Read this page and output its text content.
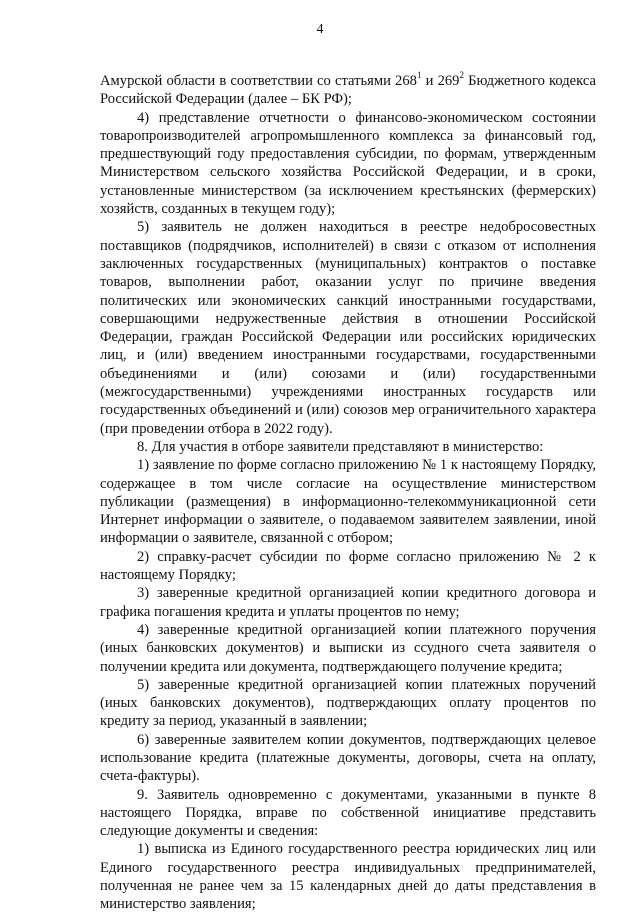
4

Амурской области в соответствии со статьями $268^1$ и $269^2$ Бюджетного кодекса Российской Федерации (далее – БК РФ);

4) представление отчетности о финансово-экономическом состоянии товаропроизводителей агропромышленного комплекса за финансовый год, предшествующий году предоставления субсидии, по формам, утвержденным Министерством сельского хозяйства Российской Федерации, и в сроки, установленные министерством (за исключением крестьянских (фермерских) хозяйств, созданных в текущем году);

5) заявитель не должен находиться в реестре недобросовестных поставщиков (подрядчиков, исполнителей) в связи с отказом от исполнения заключенных государственных (муниципальных) контрактов о поставке товаров, выполнении работ, оказании услуг по причине введения политических или экономических санкций иностранными государствами, совершающими недружественные действия в отношении Российской Федерации, граждан Российской Федерации или российских юридических лиц, и (или) введением иностранными государствами, государственными объединениями и (или) союзами и (или) государственными (межгосударственными) учреждениями иностранных государств или государственных объединений и (или) союзов мер ограничительного характера (при проведении отбора в 2022 году).

8. Для участия в отборе заявители представляют в министерство:

1) заявление по форме согласно приложению № 1 к настоящему Порядку, содержащее в том числе согласие на осуществление министерством публикации (размещения) в информационно-телекоммуникационной сети Интернет информации о заявителе, о подаваемом заявителем заявлении, иной информации о заявителе, связанной с отбором;

2) справку-расчет субсидии по форме согласно приложению № 2 к настоящему Порядку;

3) заверенные кредитной организацией копии кредитного договора и графика погашения кредита и уплаты процентов по нему;

4) заверенные кредитной организацией копии платежного поручения (иных банковских документов) и выписки из ссудного счета заявителя о получении кредита или документа, подтверждающего получение кредита;

5) заверенные кредитной организацией копии платежных поручений (иных банковских документов), подтверждающих оплату процентов по кредиту за период, указанный в заявлении;

6) заверенные заявителем копии документов, подтверждающих целевое использование кредита (платежные документы, договоры, счета на оплату, счета-фактуры).

9. Заявитель одновременно с документами, указанными в пункте 8 настоящего Порядка, вправе по собственной инициативе представить следующие документы и сведения:

1) выписка из Единого государственного реестра юридических лиц или Единого государственного реестра индивидуальных предпринимателей, полученная не ранее чем за 15 календарных дней до даты представления в министерство заявления;
